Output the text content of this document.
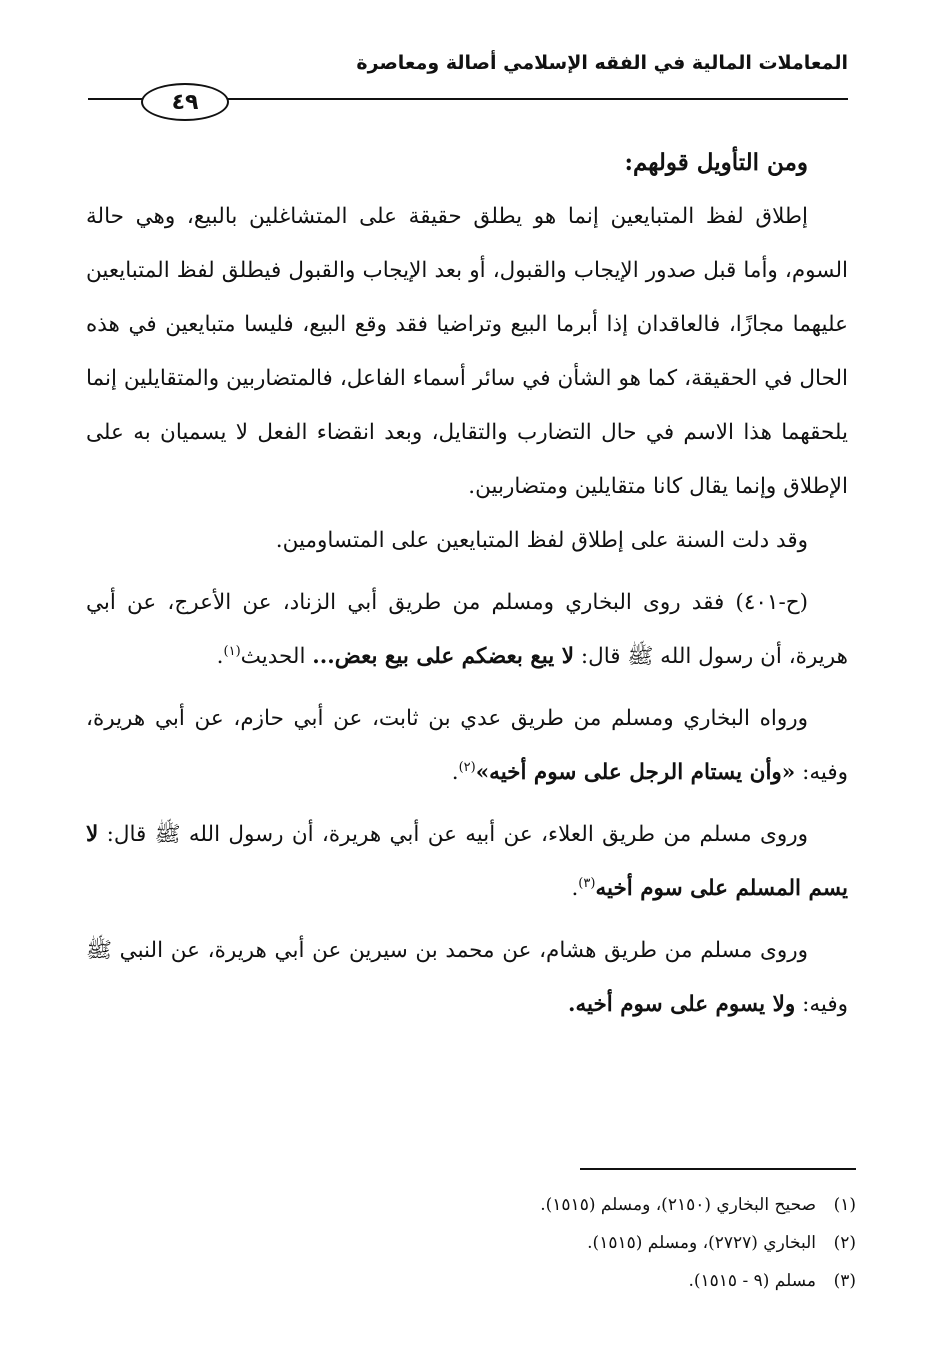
المعاملات المالية في الفقه الإسلامي أصالة ومعاصرة
٤٩

ومن التأويل قولهم:

إطلاق لفظ المتبايعين إنما هو يطلق حقيقة على المتشاغلين بالبيع، وهي حالة السوم، وأما قبل صدور الإيجاب والقبول، أو بعد الإيجاب والقبول فيطلق لفظ المتبايعين عليهما مجازًا، فالعاقدان إذا أبرما البيع وتراضيا فقد وقع البيع، فليسا متبايعين في هذه الحال في الحقيقة، كما هو الشأن في سائر أسماء الفاعل، فالمتضاربين والمتقايلين إنما يلحقهما هذا الاسم في حال التضارب والتقايل، وبعد انقضاء الفعل لا يسميان به على الإطلاق وإنما يقال كانا متقايلين ومتضاربين.

وقد دلت السنة على إطلاق لفظ المتبايعين على المتساومين.

(ح-٤٠١) فقد روى البخاري ومسلم من طريق أبي الزناد، عن الأعرج، عن أبي هريرة، أن رسول الله ﷺ قال: لا يبع بعضكم على بيع بعض... الحديث$^{(١)}$.

ورواه البخاري ومسلم من طريق عدي بن ثابت، عن أبي حازم، عن أبي هريرة، وفيه: «وأن يستام الرجل على سوم أخيه»$^{(٢)}$.

وروى مسلم من طريق العلاء، عن أبيه عن أبي هريرة، أن رسول الله ﷺ قال: لا يسم المسلم على سوم أخيه$^{(٣)}$.

وروى مسلم من طريق هشام، عن محمد بن سيرين عن أبي هريرة، عن النبي ﷺ وفيه: ولا يسوم على سوم أخيه.

(١)
صحيح البخاري (٢١٥٠)، ومسلم (١٥١٥).
(٢)
البخاري (٢٧٢٧)، ومسلم (١٥١٥).
(٣)
مسلم (٩ - ١٥١٥).
